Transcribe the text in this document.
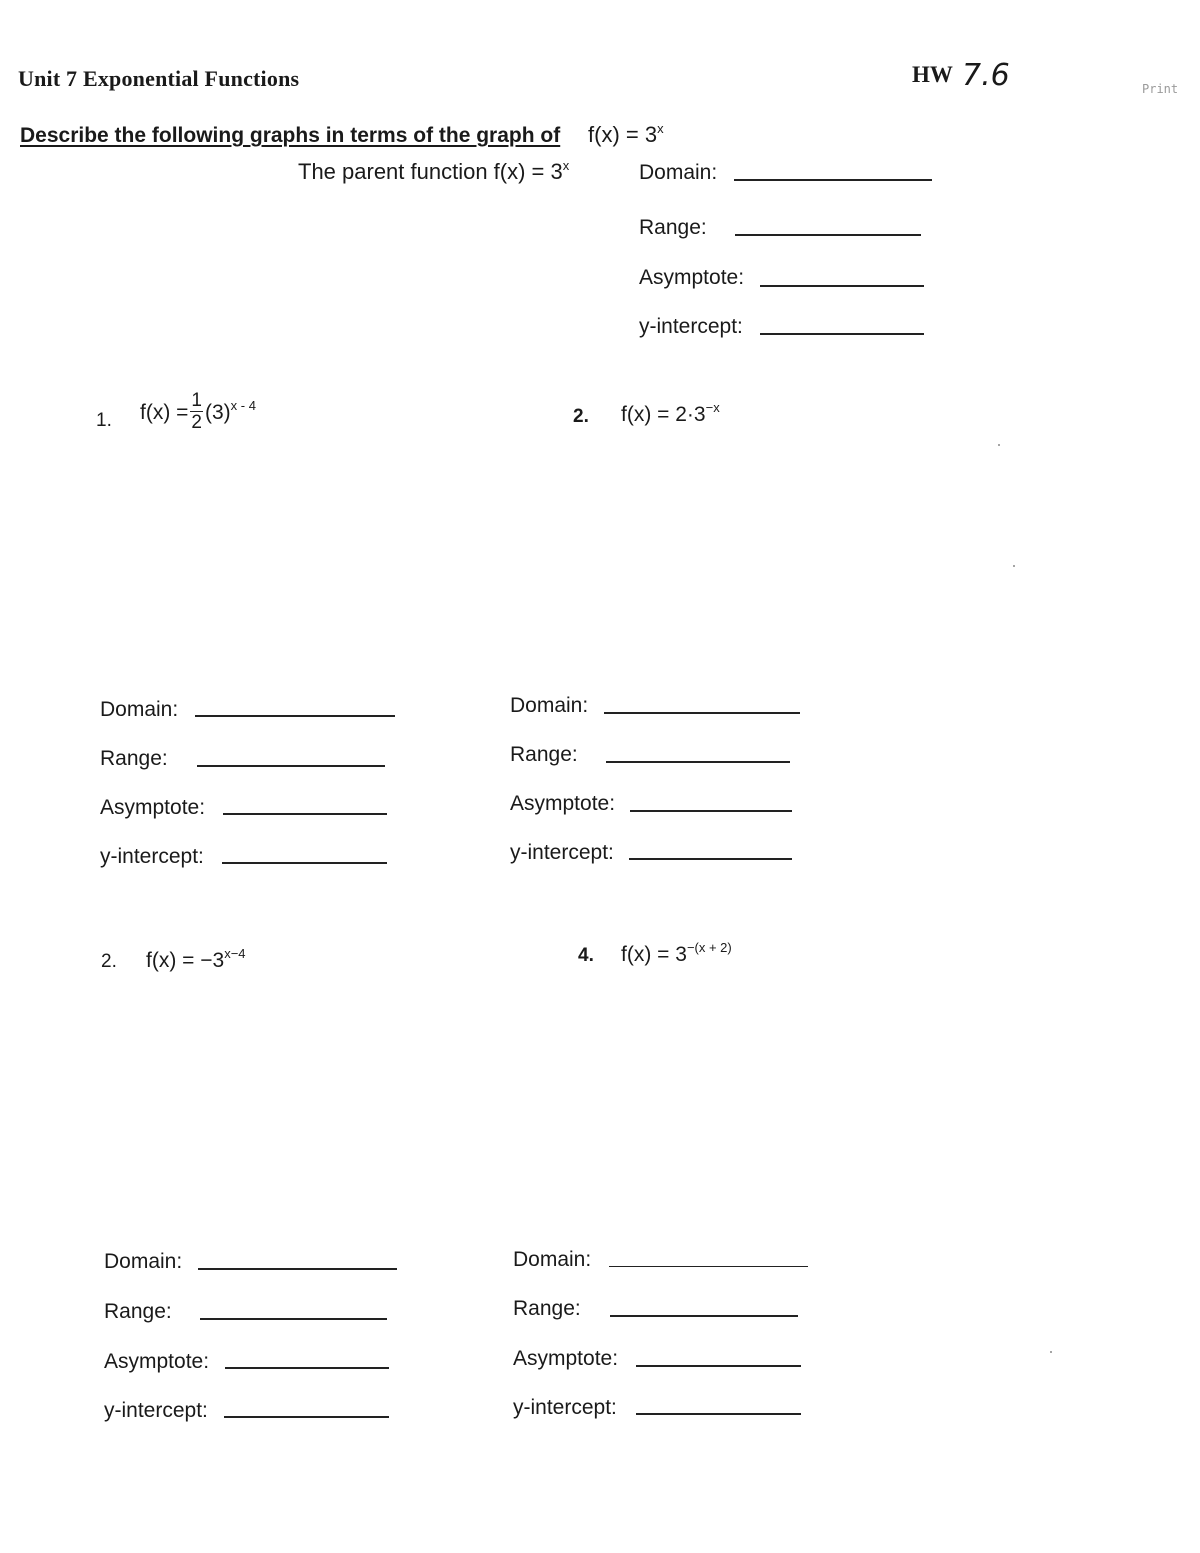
Unit 7 Exponential Functions	HW 7.6	Print
Describe the following graphs in terms of the graph of $f(x) = 3^x$
The parent function $f(x) = 3^x$	Domain:
Range:
Asymptote:
y-intercept:
1. $f(x) = \frac{1}{2} (3)^{x - 4}$
Domain:
Range:
Asymptote:
y-intercept:
2. $f(x) = 2\cdot 3^{-x}$
Domain:
Range:
Asymptote:
y-intercept:
2. $f(x) = -3^{x-4}$
Domain:
Range:
Asymptote:
y-intercept:
4. $f(x) = 3^{-(x + 2)}$
Domain:
Range:
Asymptote:
y-intercept:
